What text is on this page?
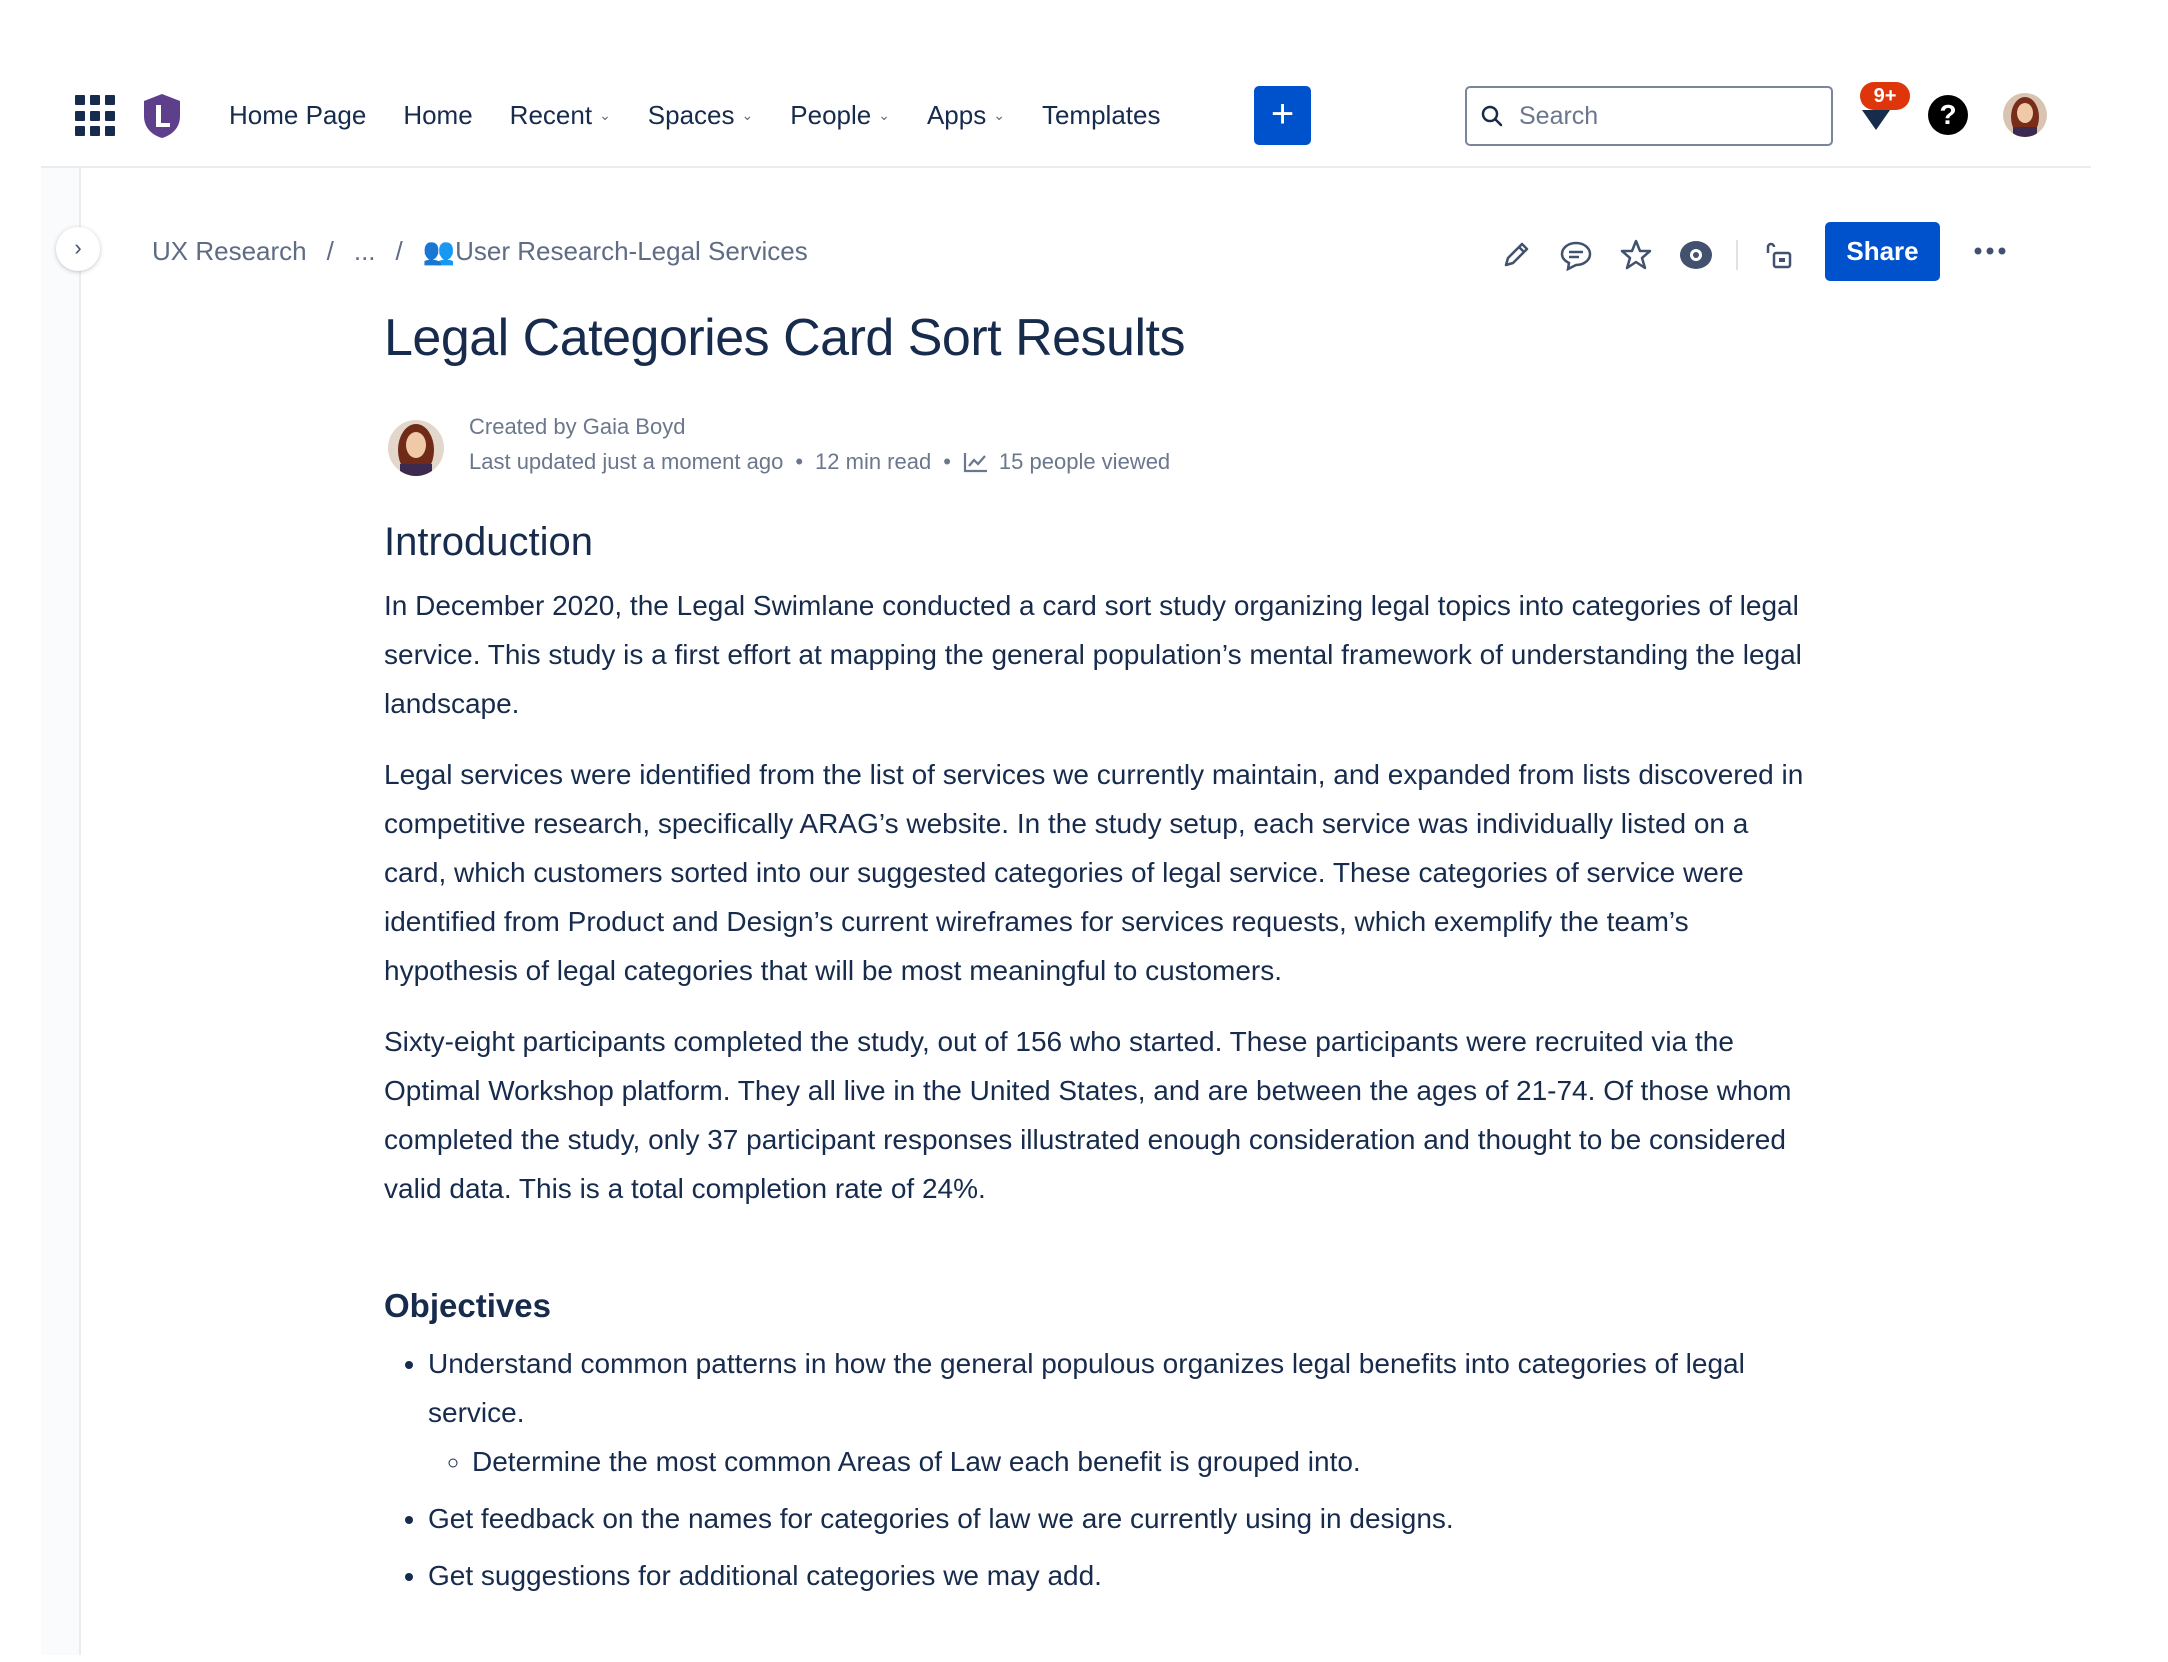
Home Page Home Recent ⌄ Spaces ⌄ People ⌄ Apps ⌄ Templates	+
Search	9+
?
›	UX Research / ... / 👥User Research-Legal Services	Share
Legal Categories Card Sort Results
Created by Gaia Boyd
Last updated just a moment ago • 12 min read • 15 people viewed
Introduction

In December 2020, the Legal Swimlane conducted a card sort study organizing legal topics into categories of legal service. This study is a first effort at mapping the general population’s mental framework of understanding the legal landscape.

Legal services were identified from the list of services we currently maintain, and expanded from lists discovered in competitive research, specifically ARAG’s website. In the study setup, each service was individually listed on a card, which customers sorted into our suggested categories of legal service. These categories of service were identified from Product and Design’s current wireframes for services requests, which exemplify the team’s hypothesis of legal categories that will be most meaningful to customers.

Sixty-eight participants completed the study, out of 156 who started. These participants were recruited via the Optimal Workshop platform. They all live in the United States, and are between the ages of 21-74. Of those whom completed the study, only 37 participant responses illustrated enough consideration and thought to be considered valid data. This is a total completion rate of 24%.

Objectives
• Understand common patterns in how the general populous organizes legal benefits into categories of legal service.
◦ Determine the most common Areas of Law each benefit is grouped into.
• Get feedback on the names for categories of law we are currently using in designs.
• Get suggestions for additional categories we may add.
